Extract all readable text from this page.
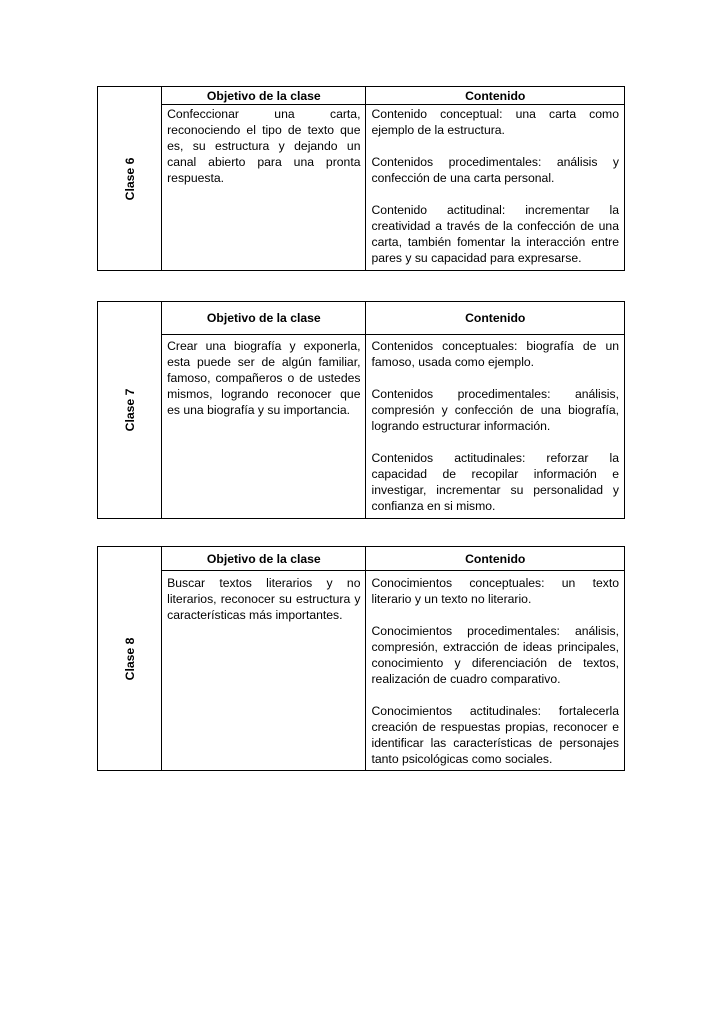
Clase 6	Objetivo de la clase	Contenido

	Confeccionar una carta, reconociendo el tipo de texto que es, su estructura y dejando un canal abierto para una pronta respuesta.	Contenido conceptual: una carta como ejemplo de la estructura.

Contenidos procedimentales: análisis y confección de una carta personal.

Contenido actitudinal: incrementar la creatividad a través de la confección de una carta, también fomentar la interacción entre pares y su capacidad para expresarse.

Clase 7	Objetivo de la clase	Contenido

	Crear una biografía y exponerla, esta puede ser de algún familiar, famoso, compañeros o de ustedes mismos, logrando reconocer que es una biografía y su importancia.	Contenidos conceptuales: biografía de un famoso, usada como ejemplo.

Contenidos procedimentales: análisis, compresión y confección de una biografía, logrando estructurar información.

Contenidos actitudinales: reforzar la capacidad de recopilar información e investigar, incrementar su personalidad y confianza en si mismo.

Clase 8	Objetivo de la clase	Contenido

	Buscar textos literarios y no literarios, reconocer su estructura y características más importantes.	Conocimientos conceptuales: un texto literario y un texto no literario.

Conocimientos procedimentales: análisis, compresión, extracción de ideas principales, conocimiento y diferenciación de textos, realización de cuadro comparativo.

Conocimientos actitudinales: fortalecerla creación de respuestas propias, reconocer e identificar las características de personajes tanto psicológicas como sociales.
